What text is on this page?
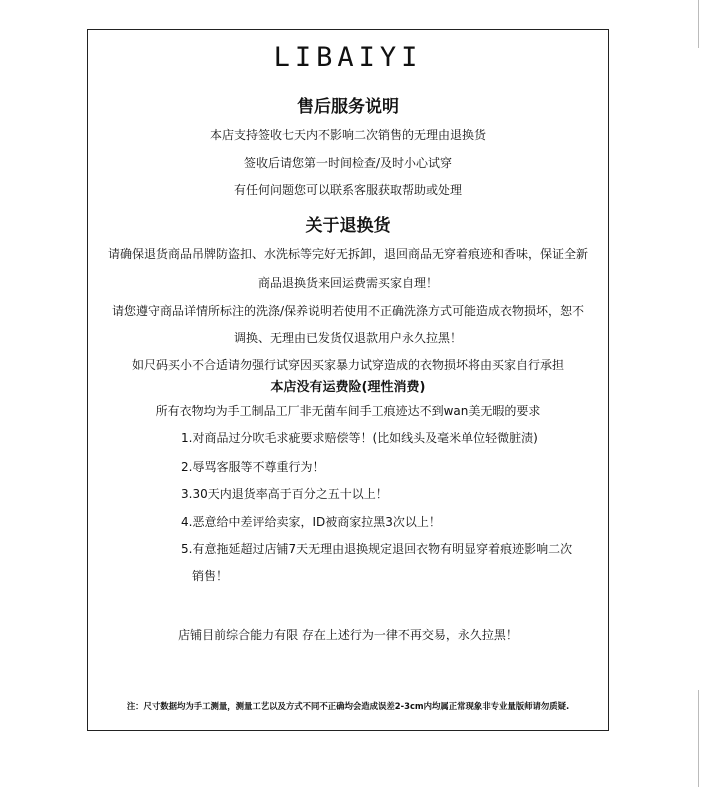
LIBAIYI
售后服务说明
本店支持签收七天内不影响二次销售的无理由退换货
签收后请您第一时间检查/及时小心试穿
有任何问题您可以联系客服获取帮助或处理
关于退换货
请确保退货商品吊牌防盗扣、水洗标等完好无拆卸，退回商品无穿着痕迹和香味，保证全新
商品退换货来回运费需买家自理！
请您遵守商品详情所标注的洗涤/保养说明若使用不正确洗涤方式可能造成衣物损坏，恕不
调换、无理由已发货仅退款用户永久拉黑！
如尺码买小不合适请勿强行试穿因买家暴力试穿造成的衣物损坏将由买家自行承担
本店没有运费险(理性消费)
所有衣物均为手工制品工厂非无菌车间手工痕迹达不到wan美无暇的要求
1.对商品过分吹毛求疵要求赔偿等！(比如线头及毫米单位轻微脏渍)
2.辱骂客服等不尊重行为！
3.30天内退货率高于百分之五十以上！
4.恶意给中差评给卖家，ID被商家拉黑3次以上！
5.有意拖延超过店铺7天无理由退换规定退回衣物有明显穿着痕迹影响二次
销售！
店铺目前综合能力有限 存在上述行为一律不再交易，永久拉黑！
注：尺寸数据均为手工测量，测量工艺以及方式不同不正确均会造成误差2-3cm内均属正常现象非专业量版师请勿质疑.
